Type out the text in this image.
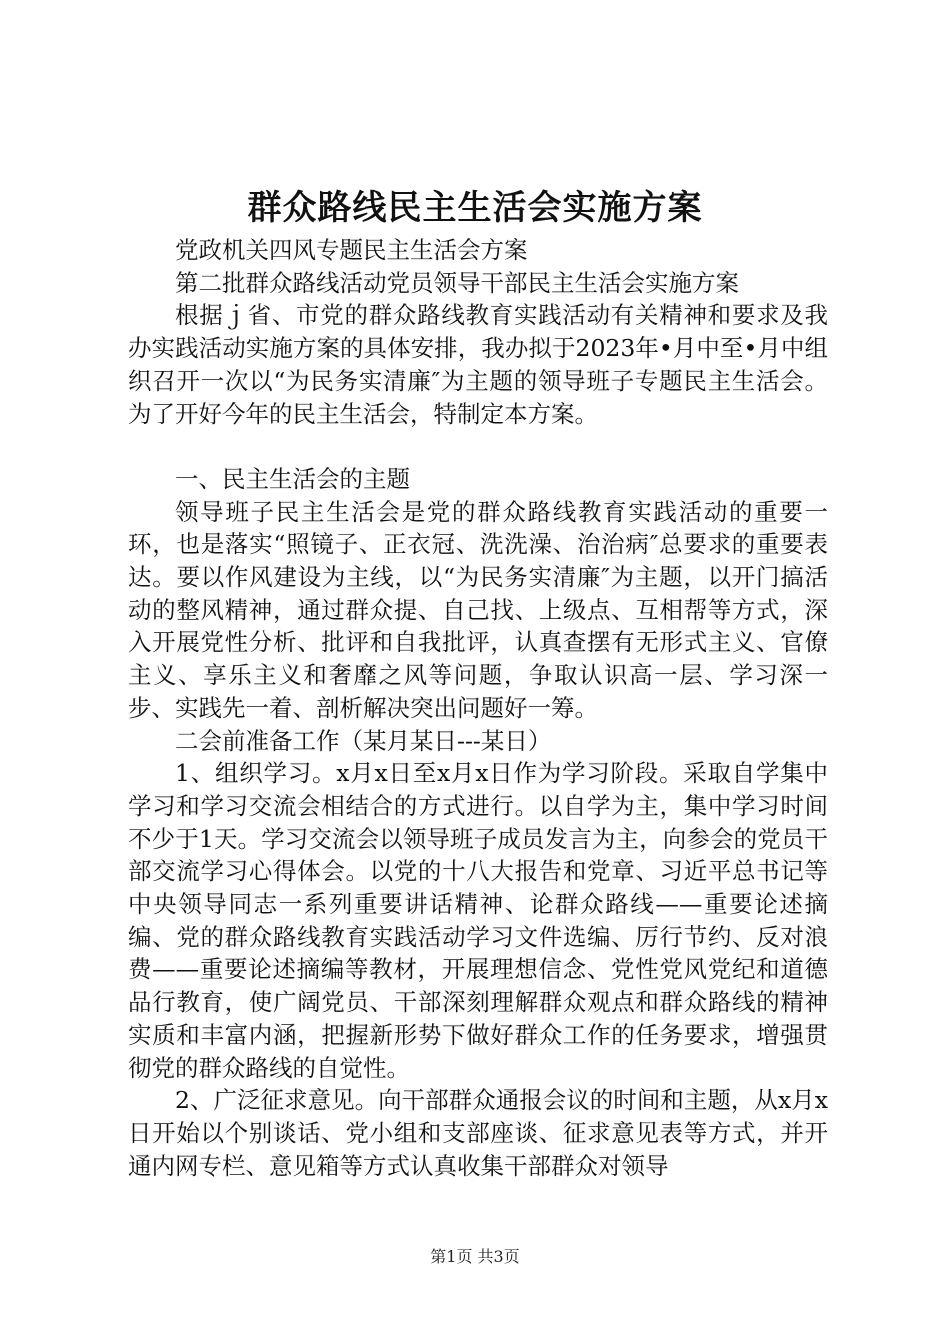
群众路线民主生活会实施方案

党政机关四风专题民主生活会方案

第二批群众路线活动党员领导干部民主生活会实施方案

根据ｊ省、市党的群众路线教育实践活动有关精神和要求及我办实践活动实施方案的具体安排，我办拟于2023年•月中至•月中组织召开一次以“为民务实清廉″为主题的领导班子专题民主生活会。为了开好今年的民主生活会，特制定本方案。

一、民主生活会的主题

领导班子民主生活会是党的群众路线教育实践活动的重要一环，也是落实“照镜子、正衣冠、洗洗澡、治治病″总要求的重要表达。要以作风建设为主线，以“为民务实清廉″为主题，以开门搞活动的整风精神，通过群众提、自己找、上级点、互相帮等方式，深入开展党性分析、批评和自我批评，认真查摆有无形式主义、官僚主义、享乐主义和奢靡之风等问题，争取认识高一层、学习深一步、实践先一着、剖析解决突出问题好一筹。

二会前准备工作（某月某日---某日）

1、组织学习。x月x日至x月x日作为学习阶段。采取自学集中学习和学习交流会相结合的方式进行。以自学为主，集中学习时间不少于1天。学习交流会以领导班子成员发言为主，向参会的党员干部交流学习心得体会。以党的十八大报告和党章、习近平总书记等中央领导同志一系列重要讲话精神、论群众路线——重要论述摘编、党的群众路线教育实践活动学习文件选编、厉行节约、反对浪费——重要论述摘编等教材，开展理想信念、党性党风党纪和道德品行教育，使广阔党员、干部深刻理解群众观点和群众路线的精神实质和丰富内涵，把握新形势下做好群众工作的任务要求，增强贯彻党的群众路线的自觉性。

2、广泛征求意见。向干部群众通报会议的时间和主题，从x月x日开始以个别谈话、党小组和支部座谈、征求意见表等方式，并开通内网专栏、意见箱等方式认真收集干部群众对领导

第1页 共3页
